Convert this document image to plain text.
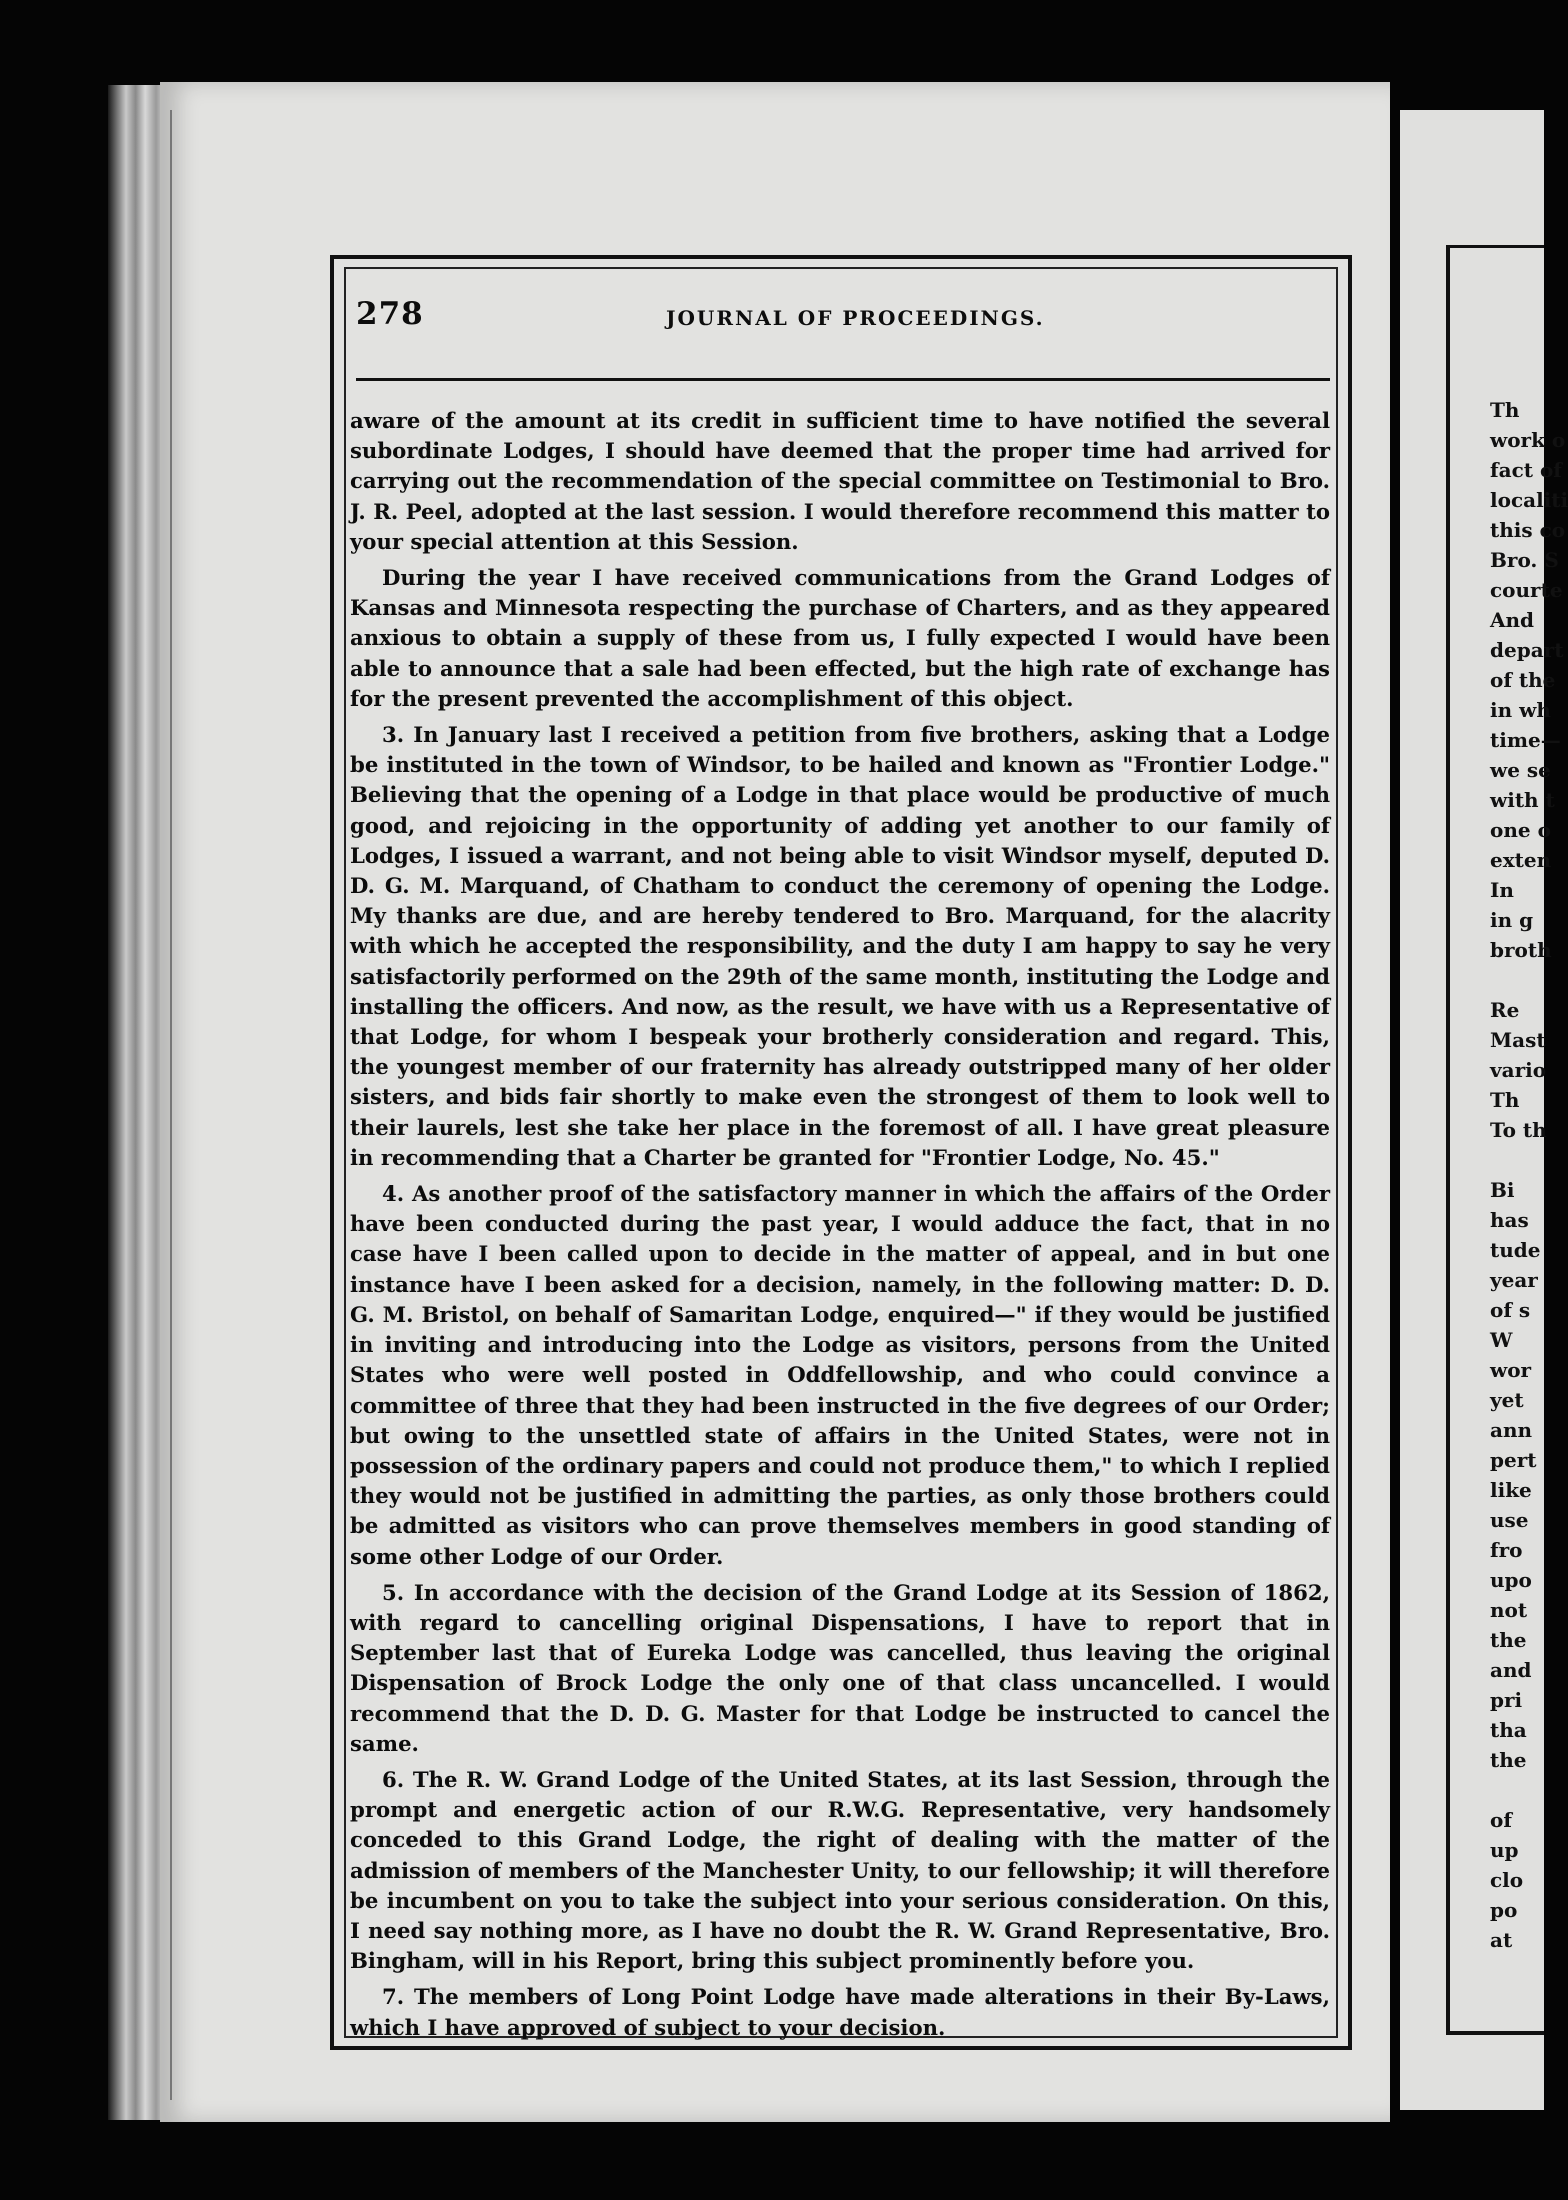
278	JOURNAL OF PROCEEDINGS.

aware of the amount at its credit in sufficient time to have notified the several subordinate Lodges, I should have deemed that the proper time had arrived for carrying out the recommendation of the special committee on Testimonial to Bro. J. R. Peel, adopted at the last session. I would therefore recommend this matter to your special attention at this Session.

During the year I have received communications from the Grand Lodges of Kansas and Minnesota respecting the purchase of Charters, and as they appeared anxious to obtain a supply of these from us, I fully expected I would have been able to announce that a sale had been effected, but the high rate of exchange has for the present prevented the accomplishment of this object.

3. In January last I received a petition from five brothers, asking that a Lodge be instituted in the town of Windsor, to be hailed and known as "Frontier Lodge." Believing that the opening of a Lodge in that place would be productive of much good, and rejoicing in the opportunity of adding yet another to our family of Lodges, I issued a warrant, and not being able to visit Windsor myself, deputed D. D. G. M. Marquand, of Chatham to conduct the ceremony of opening the Lodge. My thanks are due, and are hereby tendered to Bro. Marquand, for the alacrity with which he accepted the responsibility, and the duty I am happy to say he very satisfactorily performed on the 29th of the same month, instituting the Lodge and installing the officers. And now, as the result, we have with us a Representative of that Lodge, for whom I bespeak your brotherly consideration and regard. This, the youngest member of our fraternity has already outstripped many of her older sisters, and bids fair shortly to make even the strongest of them to look well to their laurels, lest she take her place in the foremost of all. I have great pleasure in recommending that a Charter be granted for "Frontier Lodge, No. 45."

4. As another proof of the satisfactory manner in which the affairs of the Order have been conducted during the past year, I would adduce the fact, that in no case have I been called upon to decide in the matter of appeal, and in but one instance have I been asked for a decision, namely, in the following matter: D. D. G. M. Bristol, on behalf of Samaritan Lodge, enquired—" if they would be justified in inviting and introducing into the Lodge as visitors, persons from the United States who were well posted in Oddfellowship, and who could convince a committee of three that they had been instructed in the five degrees of our Order; but owing to the unsettled state of affairs in the United States, were not in possession of the ordinary papers and could not produce them," to which I replied they would not be justified in admitting the parties, as only those brothers could be admitted as visitors who can prove themselves members in good standing of some other Lodge of our Order.

5. In accordance with the decision of the Grand Lodge at its Session of 1862, with regard to cancelling original Dispensations, I have to report that in September last that of Eureka Lodge was cancelled, thus leaving the original Dispensation of Brock Lodge the only one of that class uncancelled. I would recommend that the D. D. G. Master for that Lodge be instructed to cancel the same.

6. The R. W. Grand Lodge of the United States, at its last Session, through the prompt and energetic action of our R.W.G. Representative, very handsomely conceded to this Grand Lodge, the right of dealing with the matter of the admission of members of the Manchester Unity, to our fellowship; it will therefore be incumbent on you to take the subject into your serious consideration. On this, I need say nothing more, as I have no doubt the R. W. Grand Representative, Bro. Bingham, will in his Report, bring this subject prominently before you.

7. The members of Long Point Lodge have made alterations in their By-Laws, which I have approved of subject to your decision.

Th
work o
fact of
localiti
this co
Bro. S
courte
And
depart
of the
in wh
time—
we se
with t
one o
exten
In
in g
broth
Re
Mast
vario
Th
To th
Bi
has
tude
year
of s
W
wor
yet
ann
pert
like
use
fro
upo
not
the
and
pri
tha
the
of
up
clo
po
at
